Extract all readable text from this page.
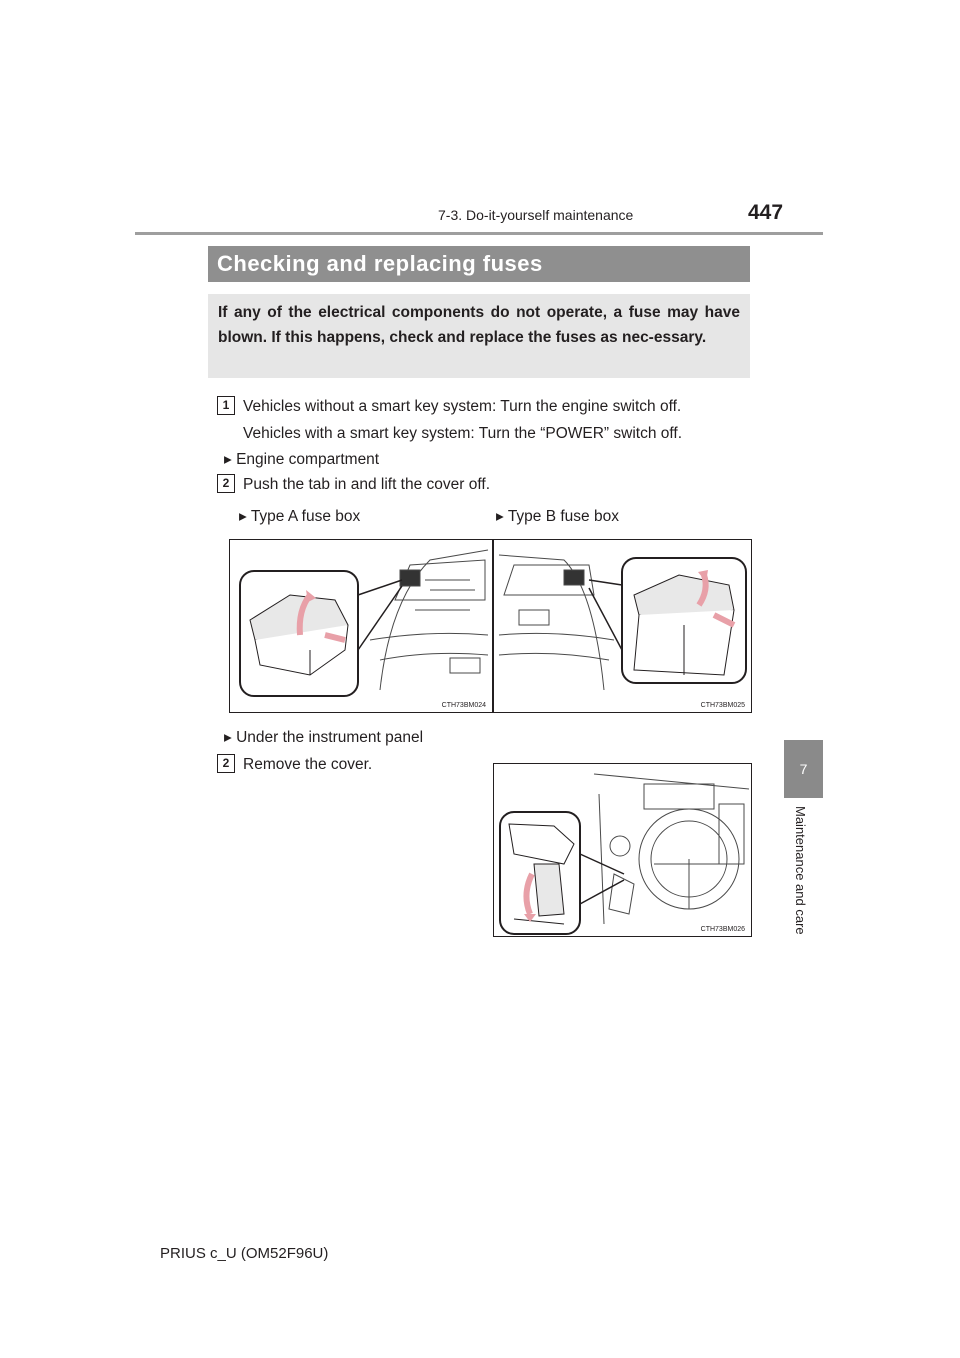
7-3. Do-it-yourself maintenance	447
7
Maintenance and care
Checking and replacing fuses
If any of the electrical components do not operate, a fuse may have blown. If this happens, check and replace the fuses as nec-essary.
1 Vehicles without a smart key system: Turn the engine switch off.
Vehicles with a smart key system: Turn the “POWER” switch off.
▸ Engine compartment
2 Push the tab in and lift the cover off.
▸ Type A fuse box	▸ Type B fuse box
CTH73BM024	CTH73BM025
▸ Under the instrument panel
2 Remove the cover.
CTH73BM026
PRIUS c_U (OM52F96U)
